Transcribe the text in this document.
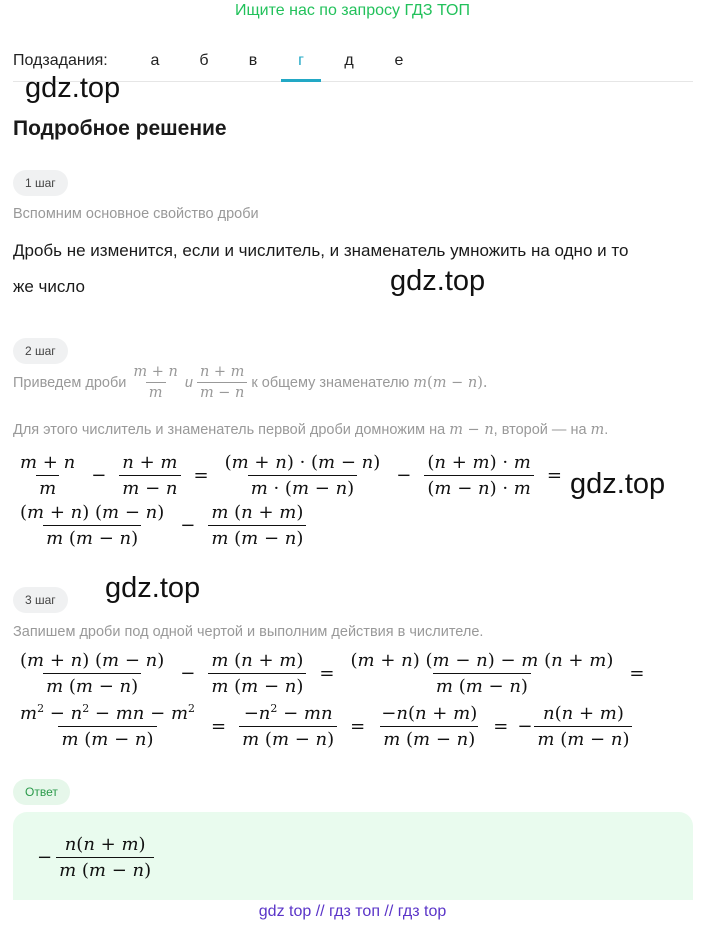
Ищите нас по запросу ГДЗ ТОП
Подзадания:	а	б	в	г	д	е
gdz.top
Подробное решение
1 шаг
Вспомним основное свойство дроби
Дробь не изменится, если и числитель, и знаменатель умножить на одно и то
же число	gdz.top
2 шаг
Приведем дроби $\frac{m + n}{m}$ и $\frac{n + m}{m - n}$ к общему знаменателю m(m − n).
Для этого числитель и знаменатель первой дроби домножим на m − n, второй — на m.
$\frac{m + n}{m} - \frac{n + m}{m - n} = \frac{(m + n) \cdot (m - n)}{m \cdot (m - n)} - \frac{(n + m) \cdot m}{(m - n) \cdot m} = gdz.top$
$\frac{(m + n) (m - n)}{m (m - n)} - \frac{m (n + m)}{m (m - n)}$
3 шаг	gdz.top
Запишем дроби под одной чертой и выполним действия в числителе.
$\frac{(m + n) (m - n)}{m (m - n)} - \frac{m (n + m)}{m (m - n)} = \frac{(m + n) (m - n) - m (n + m)}{m (m - n)}$ =
$\frac{m^2 - n^2 - mn - m^2}{m (m - n)} = \frac{-n^2 - mn}{m (m - n)} = \frac{-n(n + m)}{m (m - n)}$ = − $\frac{n(n + m)}{m (m - n)}$
Ответ
− $\frac{n(n + m)}{m (m - n)}$
gdz top // гдз топ // гдз top
